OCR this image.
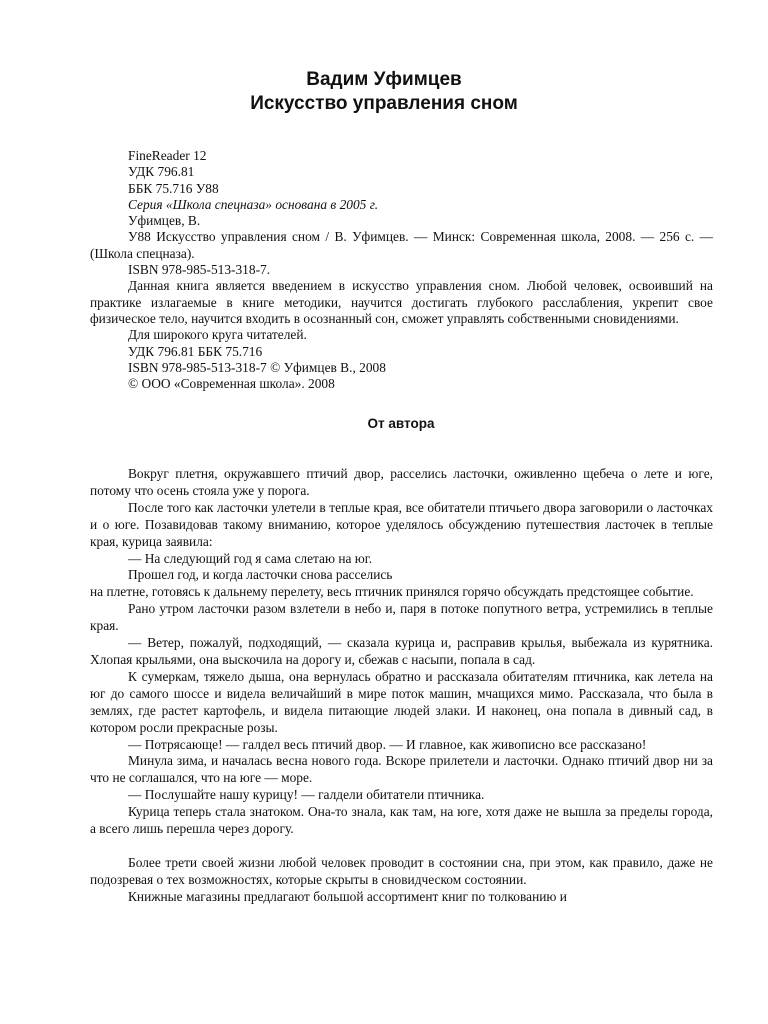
Вадим Уфимцев
Искусство управления сном

FineReader 12

УДК 796.81

ББК 75.716 У88

Серия «Школа спецназа» основана в 2005 г.

Уфимцев, В.

У88 Искусство управления сном / В. Уфимцев. — Минск: Современная школа, 2008. — 256 с. — (Школа спецназа).

ISBN 978-985-513-318-7.

Данная книга является введением в искусство управления сном. Любой человек, освоивший на практике излагаемые в книге методики, научится достигать глубокого расслабления, укрепит свое физическое тело, научится входить в осознанный сон, сможет управлять собственными сновидениями.

Для широкого круга читателей.

УДК 796.81 ББК 75.716

ISBN 978-985-513-318-7 © Уфимцев В., 2008

© ООО «Современная школа». 2008

От автора

Вокруг плетня, окружавшего птичий двор, расселись ласточки, оживленно щебеча о лете и юге, потому что осень стояла уже у порога.

После того как ласточки улетели в теплые края, все обитатели птичьего двора заговорили о ласточках и о юге. Позавидовав такому вниманию, которое уделялось обсуждению путешествия ласточек в теплые края, курица заявила:

— На следующий год я сама слетаю на юг.

Прошел год, и когда ласточки снова расселись

на плетне, готовясь к дальнему перелету, весь птичник принялся горячо обсуждать предстоящее событие.

Рано утром ласточки разом взлетели в небо и, паря в потоке попутного ветра, устремились в теплые края.

— Ветер, пожалуй, подходящий, — сказала курица и, расправив крылья, выбежала из курятника. Хлопая крыльями, она выскочила на дорогу и, сбежав с насыпи, попала в сад.

К сумеркам, тяжело дыша, она вернулась обратно и рассказала обитателям птичника, как летела на юг до самого шоссе и видела величайший в мире поток машин, мчащихся мимо. Рассказала, что была в землях, где растет картофель, и видела питающие людей злаки. И наконец, она попала в дивный сад, в котором росли прекрасные розы.

— Потрясающе! — галдел весь птичий двор. — И главное, как живописно все рассказано!

Минула зима, и началась весна нового года. Вскоре прилетели и ласточки. Однако птичий двор ни за что не соглашался, что на юге — море.

— Послушайте нашу курицу! — галдели обитатели птичника.

Курица теперь стала знатоком. Она-то знала, как там, на юге, хотя даже не вышла за пределы города, а всего лишь перешла через дорогу.

Более трети своей жизни любой человек проводит в состоянии сна, при этом, как правило, даже не подозревая о тех возможностях, которые скрыты в сновидческом состоянии.

Книжные магазины предлагают большой ассортимент книг по толкованию и
